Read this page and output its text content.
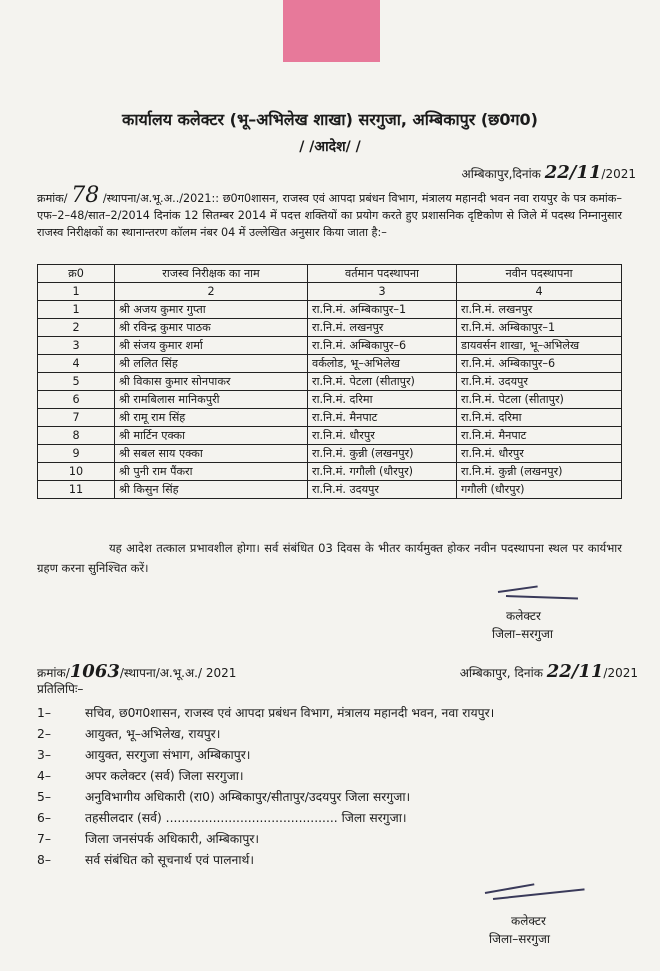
कार्यालय कलेक्टर (भू–अभिलेख शाखा) सरगुजा, अम्बिकापुर (छ0ग0)
/ /आदेश/ /
अम्बिकापुर,दिनांक 22/11/2021
क्रमांक/ 78 /स्थापना/अ.भू.अ../2021:: छ0ग0शासन, राजस्व एवं आपदा प्रबंधन विभाग, मंत्रालय महानदी भवन नवा रायपुर के पत्र कमांक–एफ–2–48/सात–2/2014 दिनांक 12 सितम्बर 2014 में पदत्त शक्तियों का प्रयोग करते हुए प्रशासनिक दृष्टिकोण से जिले में पदस्थ निम्नानुसार राजस्व निरीक्षकों का स्थानान्तरण कॉलम नंबर 04 में उल्लेखित अनुसार किया जाता है:–
क्र0	राजस्व निरीक्षक का नाम	वर्तमान पदस्थापना	नवीन पदस्थापना
1	2	3	4
1	श्री अजय कुमार गुप्ता	रा.नि.मं. अम्बिकापुर–1	रा.नि.मं. लखनपुर
2	श्री रविन्द्र कुमार पाठक	रा.नि.मं. लखनपुर	रा.नि.मं. अम्बिकापुर–1
3	श्री संजय कुमार शर्मा	रा.नि.मं. अम्बिकापुर–6	डायवर्सन शाखा, भू–अभिलेख
4	श्री ललित सिंह	वर्कलोड, भू–अभिलेख	रा.नि.मं. अम्बिकापुर–6
5	श्री विकास कुमार सोनपाकर	रा.नि.मं. पेटला (सीतापुर)	रा.नि.मं. उदयपुर
6	श्री रामबिलास मानिकपुरी	रा.नि.मं. दरिमा	रा.नि.मं. पेटला (सीतापुर)
7	श्री रामू राम सिंह	रा.नि.मं. मैनपाट	रा.नि.मं. दरिमा
8	श्री मार्टिन एक्का	रा.नि.मं. धौरपुर	रा.नि.मं. मैनपाट
9	श्री सबल साय एक्का	रा.नि.मं. कुन्नी (लखनपुर)	रा.नि.मं. धौरपुर
10	श्री पुनी राम पैंकरा	रा.नि.मं. गगौली (धौरपुर)	रा.नि.मं. कुन्नी (लखनपुर)
11	श्री किसुन सिंह	रा.नि.मं. उदयपुर	गगौली (धौरपुर)
यह आदेश तत्काल प्रभावशील होगा। सर्व संबंधित 03 दिवस के भीतर कार्यमुक्त होकर नवीन पदस्थापना स्थल पर कार्यभार ग्रहण करना सुनिश्चित करें।
कलेक्टर
जिला–सरगुजा
क्रमांक/1063/स्थापना/अ.भू.अ./ 2021	अम्बिकापुर, दिनांक 22/11/2021
प्रतिलिपिः–
1–	सचिव, छ0ग0शासन, राजस्व एवं आपदा प्रबंधन विभाग, मंत्रालय महानदी भवन, नवा रायपुर।
2–	आयुक्त, भू–अभिलेख, रायपुर।
3–	आयुक्त, सरगुजा संभाग, अम्बिकापुर।
4–	अपर कलेक्टर (सर्व) जिला सरगुजा।
5–	अनुविभागीय अधिकारी (रा0) अम्बिकापुर/सीतापुर/उदयपुर जिला सरगुजा।
6–	तहसीलदार (सर्व) ............................................ जिला सरगुजा।
7–	जिला जनसंपर्क अधिकारी, अम्बिकापुर।
8–	सर्व संबंधित को सूचनार्थ एवं पालनार्थ।
कलेक्टर
जिला–सरगुजा
